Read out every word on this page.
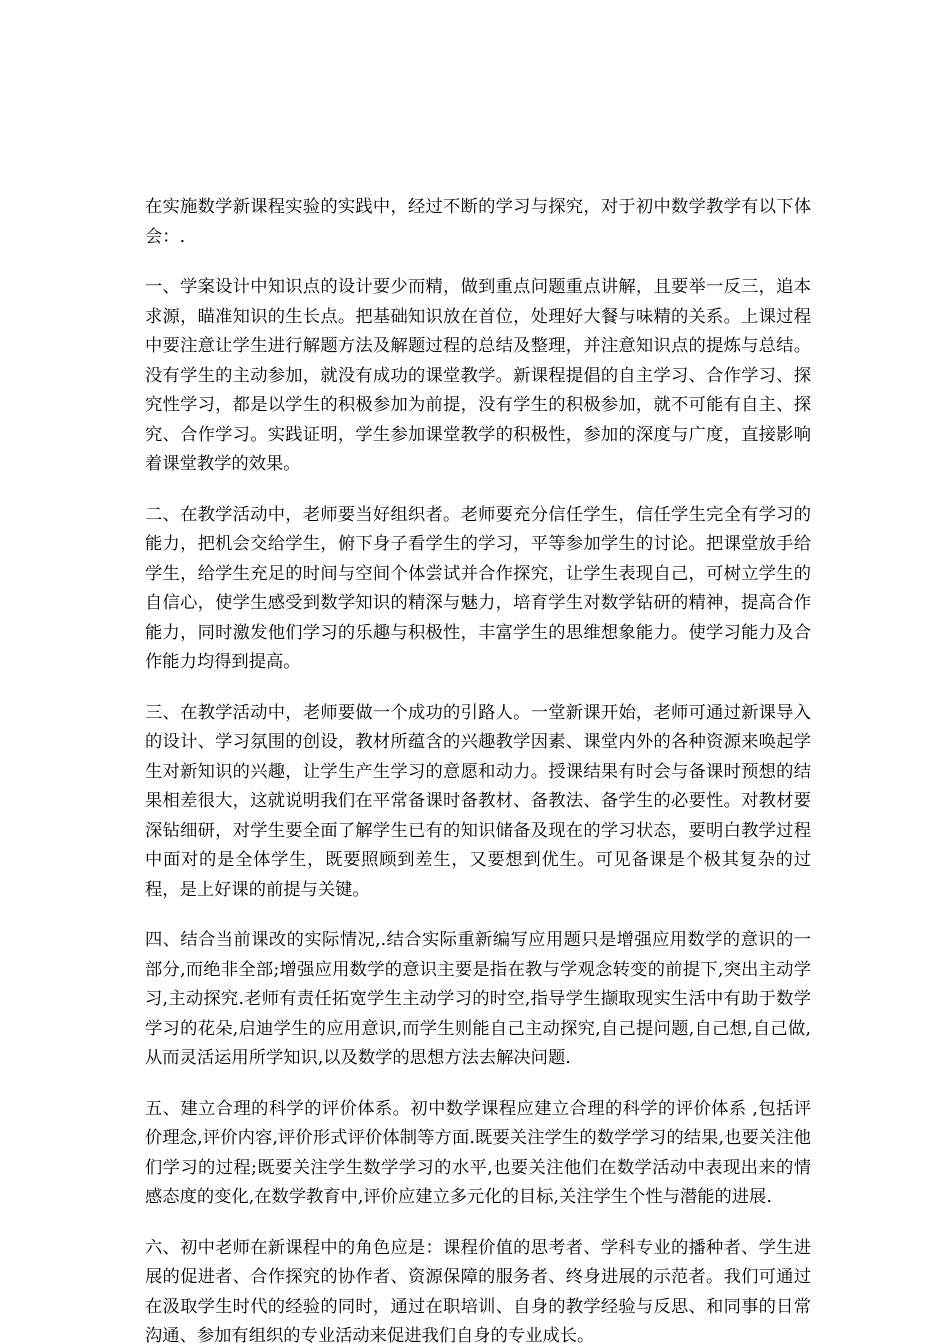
在实施数学新课程实验的实践中，经过不断的学习与探究，对于初中数学教学有以下体会：.

一、学案设计中知识点的设计要少而精，做到重点问题重点讲解，且要举一反三，追本求源，瞄准知识的生长点。把基础知识放在首位，处理好大餐与味精的关系。上课过程中要注意让学生进行解题方法及解题过程的总结及整理，并注意知识点的提炼与总结。没有学生的主动参加，就没有成功的课堂教学。新课程提倡的自主学习、合作学习、探究性学习，都是以学生的积极参加为前提，没有学生的积极参加，就不可能有自主、探究、合作学习。实践证明，学生参加课堂教学的积极性，参加的深度与广度，直接影响着课堂教学的效果。

二、在教学活动中，老师要当好组织者。老师要充分信任学生，信任学生完全有学习的能力，把机会交给学生，俯下身子看学生的学习，平等参加学生的讨论。把课堂放手给学生，给学生充足的时间与空间个体尝试并合作探究，让学生表现自己，可树立学生的自信心，使学生感受到数学知识的精深与魅力，培育学生对数学钻研的精神，提高合作能力，同时激发他们学习的乐趣与积极性，丰富学生的思维想象能力。使学习能力及合作能力均得到提高。

三、在教学活动中，老师要做一个成功的引路人。一堂新课开始，老师可通过新课导入的设计、学习氛围的创设，教材所蕴含的兴趣教学因素、课堂内外的各种资源来唤起学生对新知识的兴趣，让学生产生学习的意愿和动力。授课结果有时会与备课时预想的结果相差很大，这就说明我们在平常备课时备教材、备教法、备学生的必要性。对教材要深钻细研，对学生要全面了解学生已有的知识储备及现在的学习状态，要明白教学过程中面对的是全体学生，既要照顾到差生，又要想到优生。可见备课是个极其复杂的过程，是上好课的前提与关键。

四、结合当前课改的实际情况,.结合实际重新编写应用题只是增强应用数学的意识的一部分,而绝非全部;增强应用数学的意识主要是指在教与学观念转变的前提下,突出主动学习,主动探究.老师有责任拓宽学生主动学习的时空,指导学生撷取现实生活中有助于数学学习的花朵,启迪学生的应用意识,而学生则能自己主动探究,自己提问题,自己想,自己做,从而灵活运用所学知识,以及数学的思想方法去解决问题.

五、建立合理的科学的评价体系。初中数学课程应建立合理的科学的评价体系 ,包括评价理念,评价内容,评价形式评价体制等方面.既要关注学生的数学学习的结果,也要关注他们学习的过程;既要关注学生数学学习的水平,也要关注他们在数学活动中表现出来的情感态度的变化,在数学教育中,评价应建立多元化的目标,关注学生个性与潜能的进展.

六、初中老师在新课程中的角色应是：课程价值的思考者、学科专业的播种者、学生进展的促进者、合作探究的协作者、资源保障的服务者、终身进展的示范者。我们可通过在汲取学生时代的经验的同时，通过在职培训、自身的教学经验与反思、和同事的日常沟通、参加有组织的专业活动来促进我们自身的专业成长。
